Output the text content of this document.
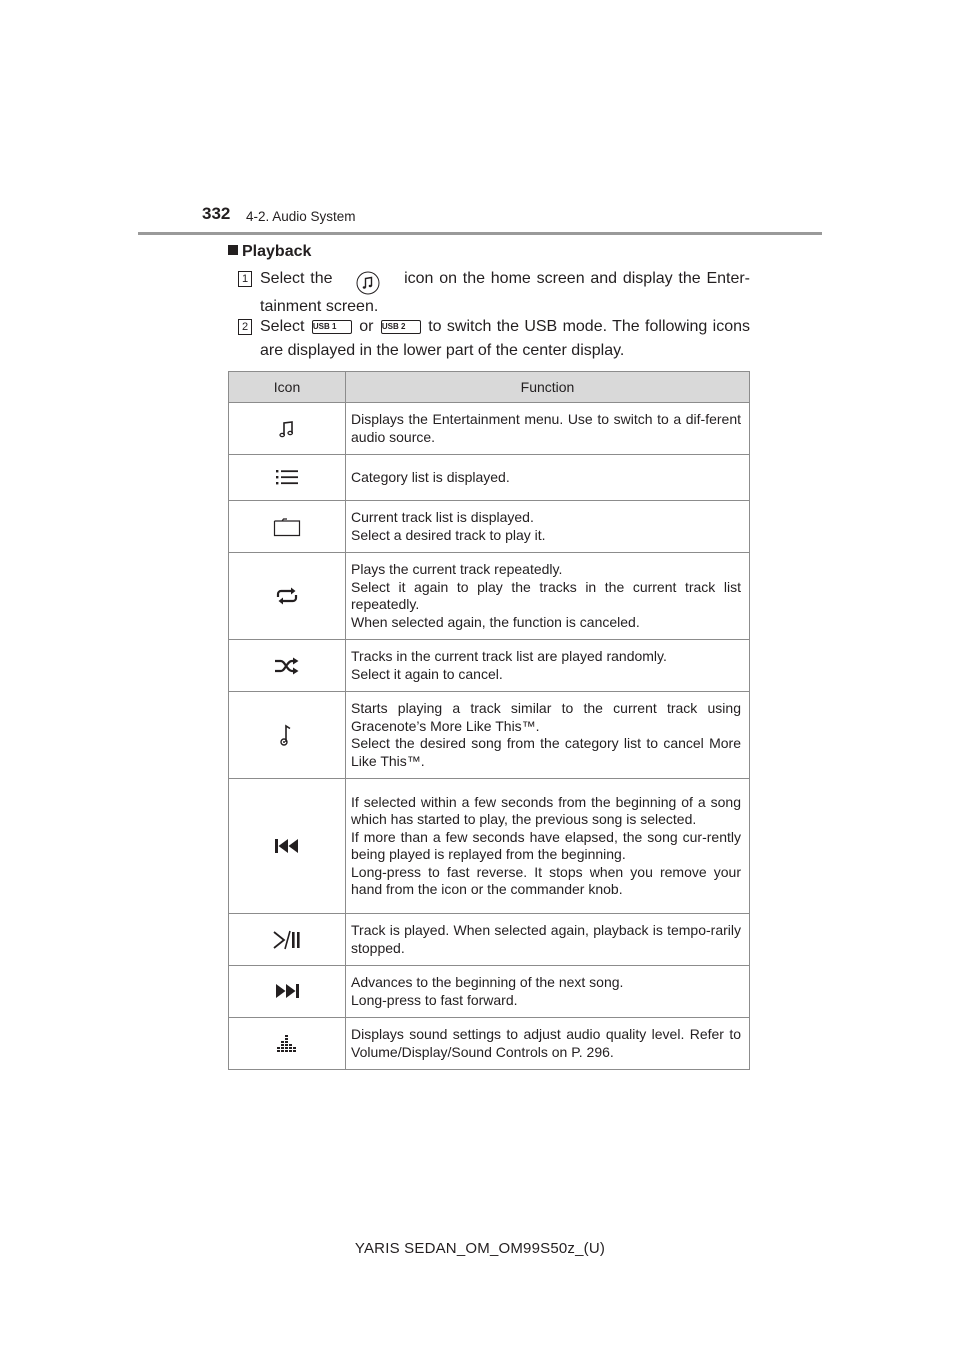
332 4-2. Audio System
Playback
1 Select the	icon on the home screen and display the Enter-tainment screen.
2 Select USB 1 or USB 2 to switch the USB mode. The following icons are displayed in the lower part of the center display.
Icon	Function

Displays the Entertainment menu. Use to switch to a dif-ferent audio source.

Category list is displayed.

Current track list is displayed.
Select a desired track to play it.

Plays the current track repeatedly.
Select it again to play the tracks in the current track list repeatedly.
When selected again, the function is canceled.

Tracks in the current track list are played randomly.
Select it again to cancel.

Starts playing a track similar to the current track using Gracenote’s More Like This™.
Select the desired song from the category list to cancel More Like This™.

If selected within a few seconds from the beginning of a song which has started to play, the previous song is selected.
If more than a few seconds have elapsed, the song cur-rently being played is replayed from the beginning.
Long-press to fast reverse. It stops when you remove your hand from the icon or the commander knob.

Track is played. When selected again, playback is tempo-rarily stopped.

Advances to the beginning of the next song.
Long-press to fast forward.

Displays sound settings to adjust audio quality level. Refer to Volume/Display/Sound Controls on P. 296.
YARIS SEDAN_OM_OM99S50z_(U)
